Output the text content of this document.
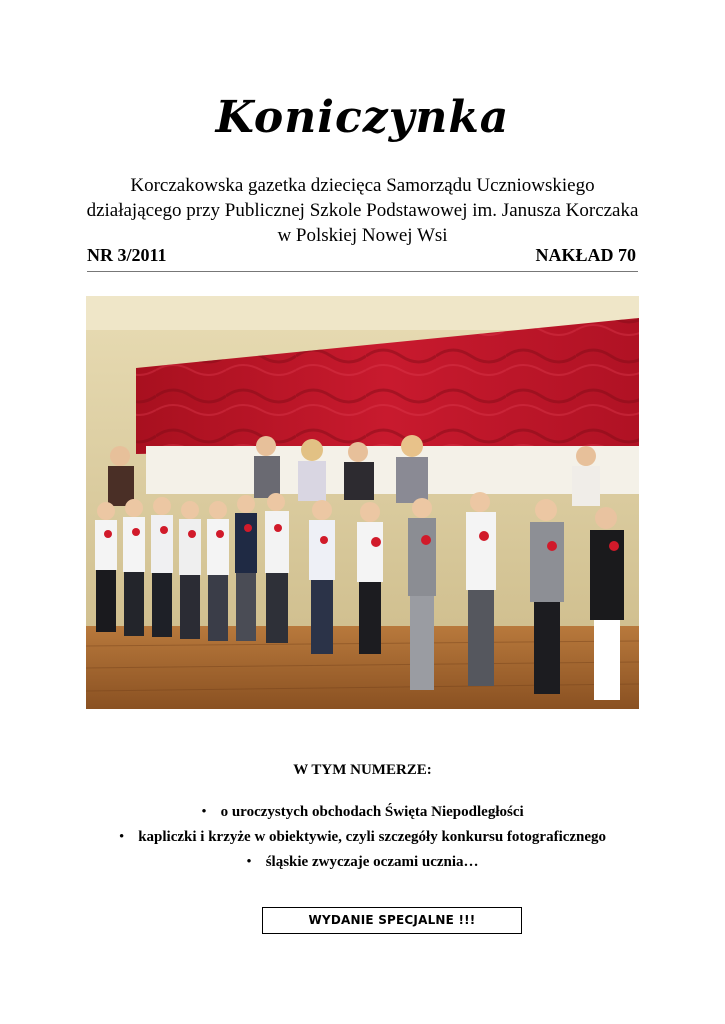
Koniczynka
Korczakowska gazetka dziecięca Samorządu Uczniowskiego
działającego przy Publicznej Szkole Podstawowej im. Janusza Korczaka
w Polskiej Nowej Wsi
NR 3/2011	NAKŁAD 70
W TYM NUMERZE:
• o uroczystych obchodach Święta Niepodległości
• kapliczki i krzyże w obiektywie, czyli szczegóły konkursu fotograficznego
• śląskie zwyczaje oczami ucznia…
WYDANIE SPECJALNE !!!
